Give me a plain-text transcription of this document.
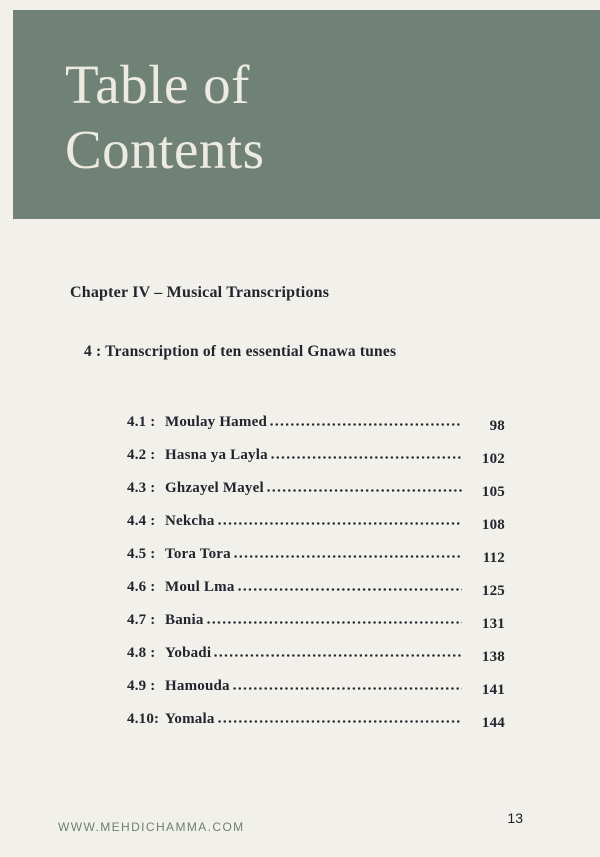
Table of
Contents
Chapter IV – Musical Transcriptions
4 : Transcription of ten essential Gnawa tunes
4.1 : Moulay Hamed	98
4.2 : Hasna ya Layla	102
4.3 : Ghzayel Mayel	105
4.4 : Nekcha	108
4.5 : Tora Tora	112
4.6 : Moul Lma	125
4.7 : Bania	131
4.8 : Yobadi	138
4.9 : Hamouda	141
4.10: Yomala	144
WWW.MEHDICHAMMA.COM
13
